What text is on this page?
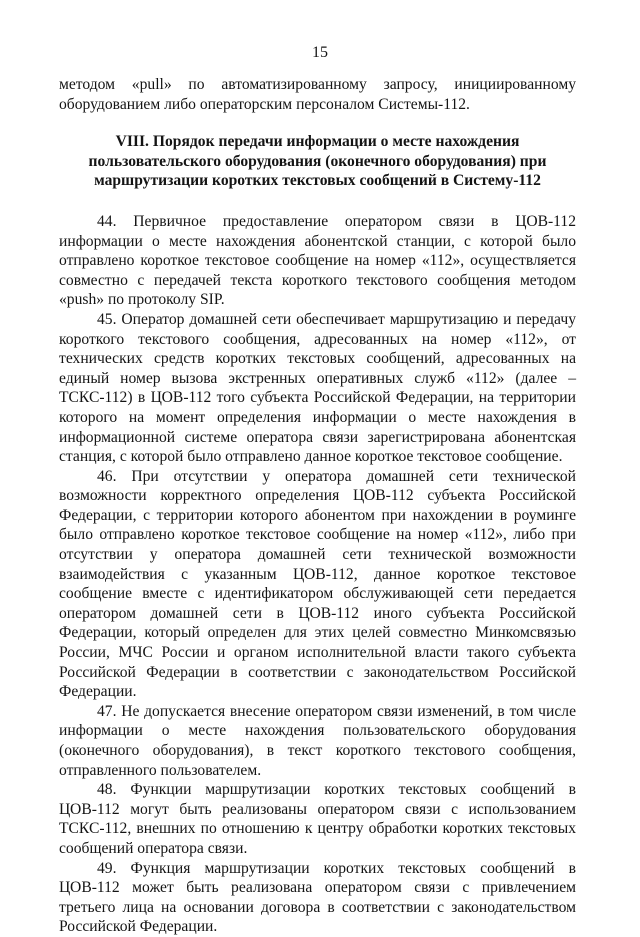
15

методом «pull» по автоматизированному запросу, инициированному оборудованием либо операторским персоналом Системы-112.

VIII. Порядок передачи информации о месте нахождения пользовательского оборудования (оконечного оборудования) при маршрутизации коротких текстовых сообщений в Систему-112

44. Первичное предоставление оператором связи в ЦОВ-112 информации о месте нахождения абонентской станции, с которой было отправлено короткое текстовое сообщение на номер «112», осуществляется совместно с передачей текста короткого текстового сообщения методом «push» по протоколу SIP.

45. Оператор домашней сети обеспечивает маршрутизацию и передачу короткого текстового сообщения, адресованных на номер «112», от технических средств коротких текстовых сообщений, адресованных на единый номер вызова экстренных оперативных служб «112» (далее – ТСКС-112) в ЦОВ-112 того субъекта Российской Федерации, на территории которого на момент определения информации о месте нахождения в информационной системе оператора связи зарегистрирована абонентская станция, с которой было отправлено данное короткое текстовое сообщение.

46. При отсутствии у оператора домашней сети технической возможности корректного определения ЦОВ-112 субъекта Российской Федерации, с территории которого абонентом при нахождении в роуминге было отправлено короткое текстовое сообщение на номер «112», либо при отсутствии у оператора домашней сети технической возможности взаимодействия с указанным ЦОВ-112, данное короткое текстовое сообщение вместе с идентификатором обслуживающей сети передается оператором домашней сети в ЦОВ-112 иного субъекта Российской Федерации, который определен для этих целей совместно Минкомсвязью России, МЧС России и органом исполнительной власти такого субъекта Российской Федерации в соответствии с законодательством Российской Федерации.

47. Не допускается внесение оператором связи изменений, в том числе информации о месте нахождения пользовательского оборудования (оконечного оборудования), в текст короткого текстового сообщения, отправленного пользователем.

48. Функции маршрутизации коротких текстовых сообщений в ЦОВ-112 могут быть реализованы оператором связи с использованием ТСКС-112, внешних по отношению к центру обработки коротких текстовых сообщений оператора связи.

49. Функция маршрутизации коротких текстовых сообщений в ЦОВ-112 может быть реализована оператором связи с привлечением третьего лица на основании договора в соответствии с законодательством Российской Федерации.
